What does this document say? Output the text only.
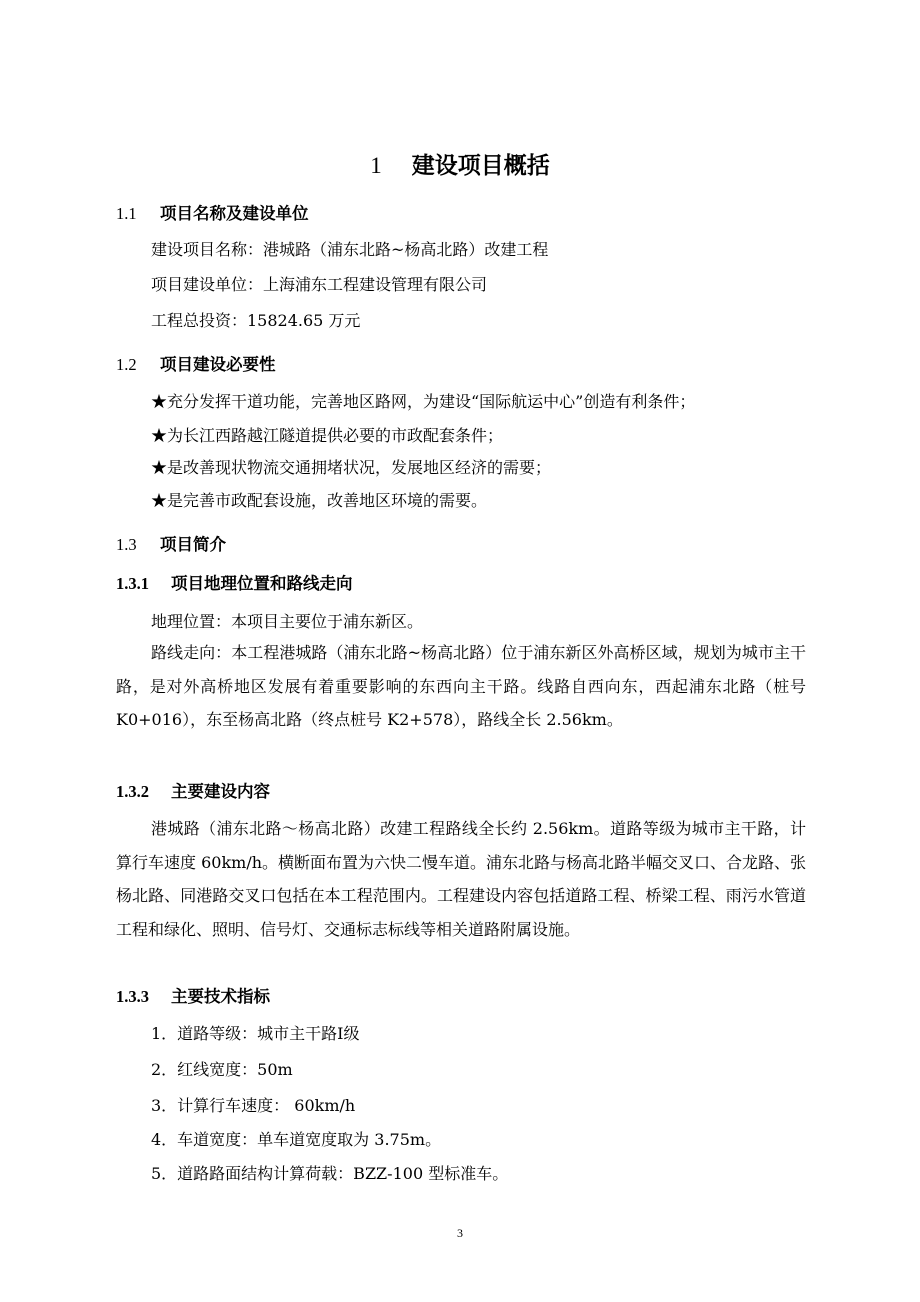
1 建设项目概括
1.1 项目名称及建设单位
建设项目名称：港城路（浦东北路~杨高北路）改建工程
项目建设单位：上海浦东工程建设管理有限公司
工程总投资：15824.65 万元
1.2 项目建设必要性
★充分发挥干道功能，完善地区路网，为建设“国际航运中心”创造有利条件；
★为长江西路越江隧道提供必要的市政配套条件；
★是改善现状物流交通拥堵状况，发展地区经济的需要；
★是完善市政配套设施，改善地区环境的需要。
1.3 项目简介
1.3.1 项目地理位置和路线走向
地理位置：本项目主要位于浦东新区。
路线走向：本工程港城路（浦东北路~杨高北路）位于浦东新区外高桥区域，规划为城市主干路，是对外高桥地区发展有着重要影响的东西向主干路。线路自西向东，西起浦东北路（桩号 K0+016），东至杨高北路（终点桩号 K2+578），路线全长 2.56km。
1.3.2 主要建设内容
港城路（浦东北路～杨高北路）改建工程路线全长约 2.56km。道路等级为城市主干路，计算行车速度 60km/h。横断面布置为六快二慢车道。浦东北路与杨高北路半幅交叉口、合龙路、张杨北路、同港路交叉口包括在本工程范围内。工程建设内容包括道路工程、桥梁工程、雨污水管道工程和绿化、照明、信号灯、交通标志标线等相关道路附属设施。
1.3.3 主要技术指标
1．道路等级：城市主干路Ⅰ级
2．红线宽度：50m
3．计算行车速度： 60km/h
4．车道宽度：单车道宽度取为 3.75m。
5．道路路面结构计算荷载：BZZ-100 型标准车。
3
